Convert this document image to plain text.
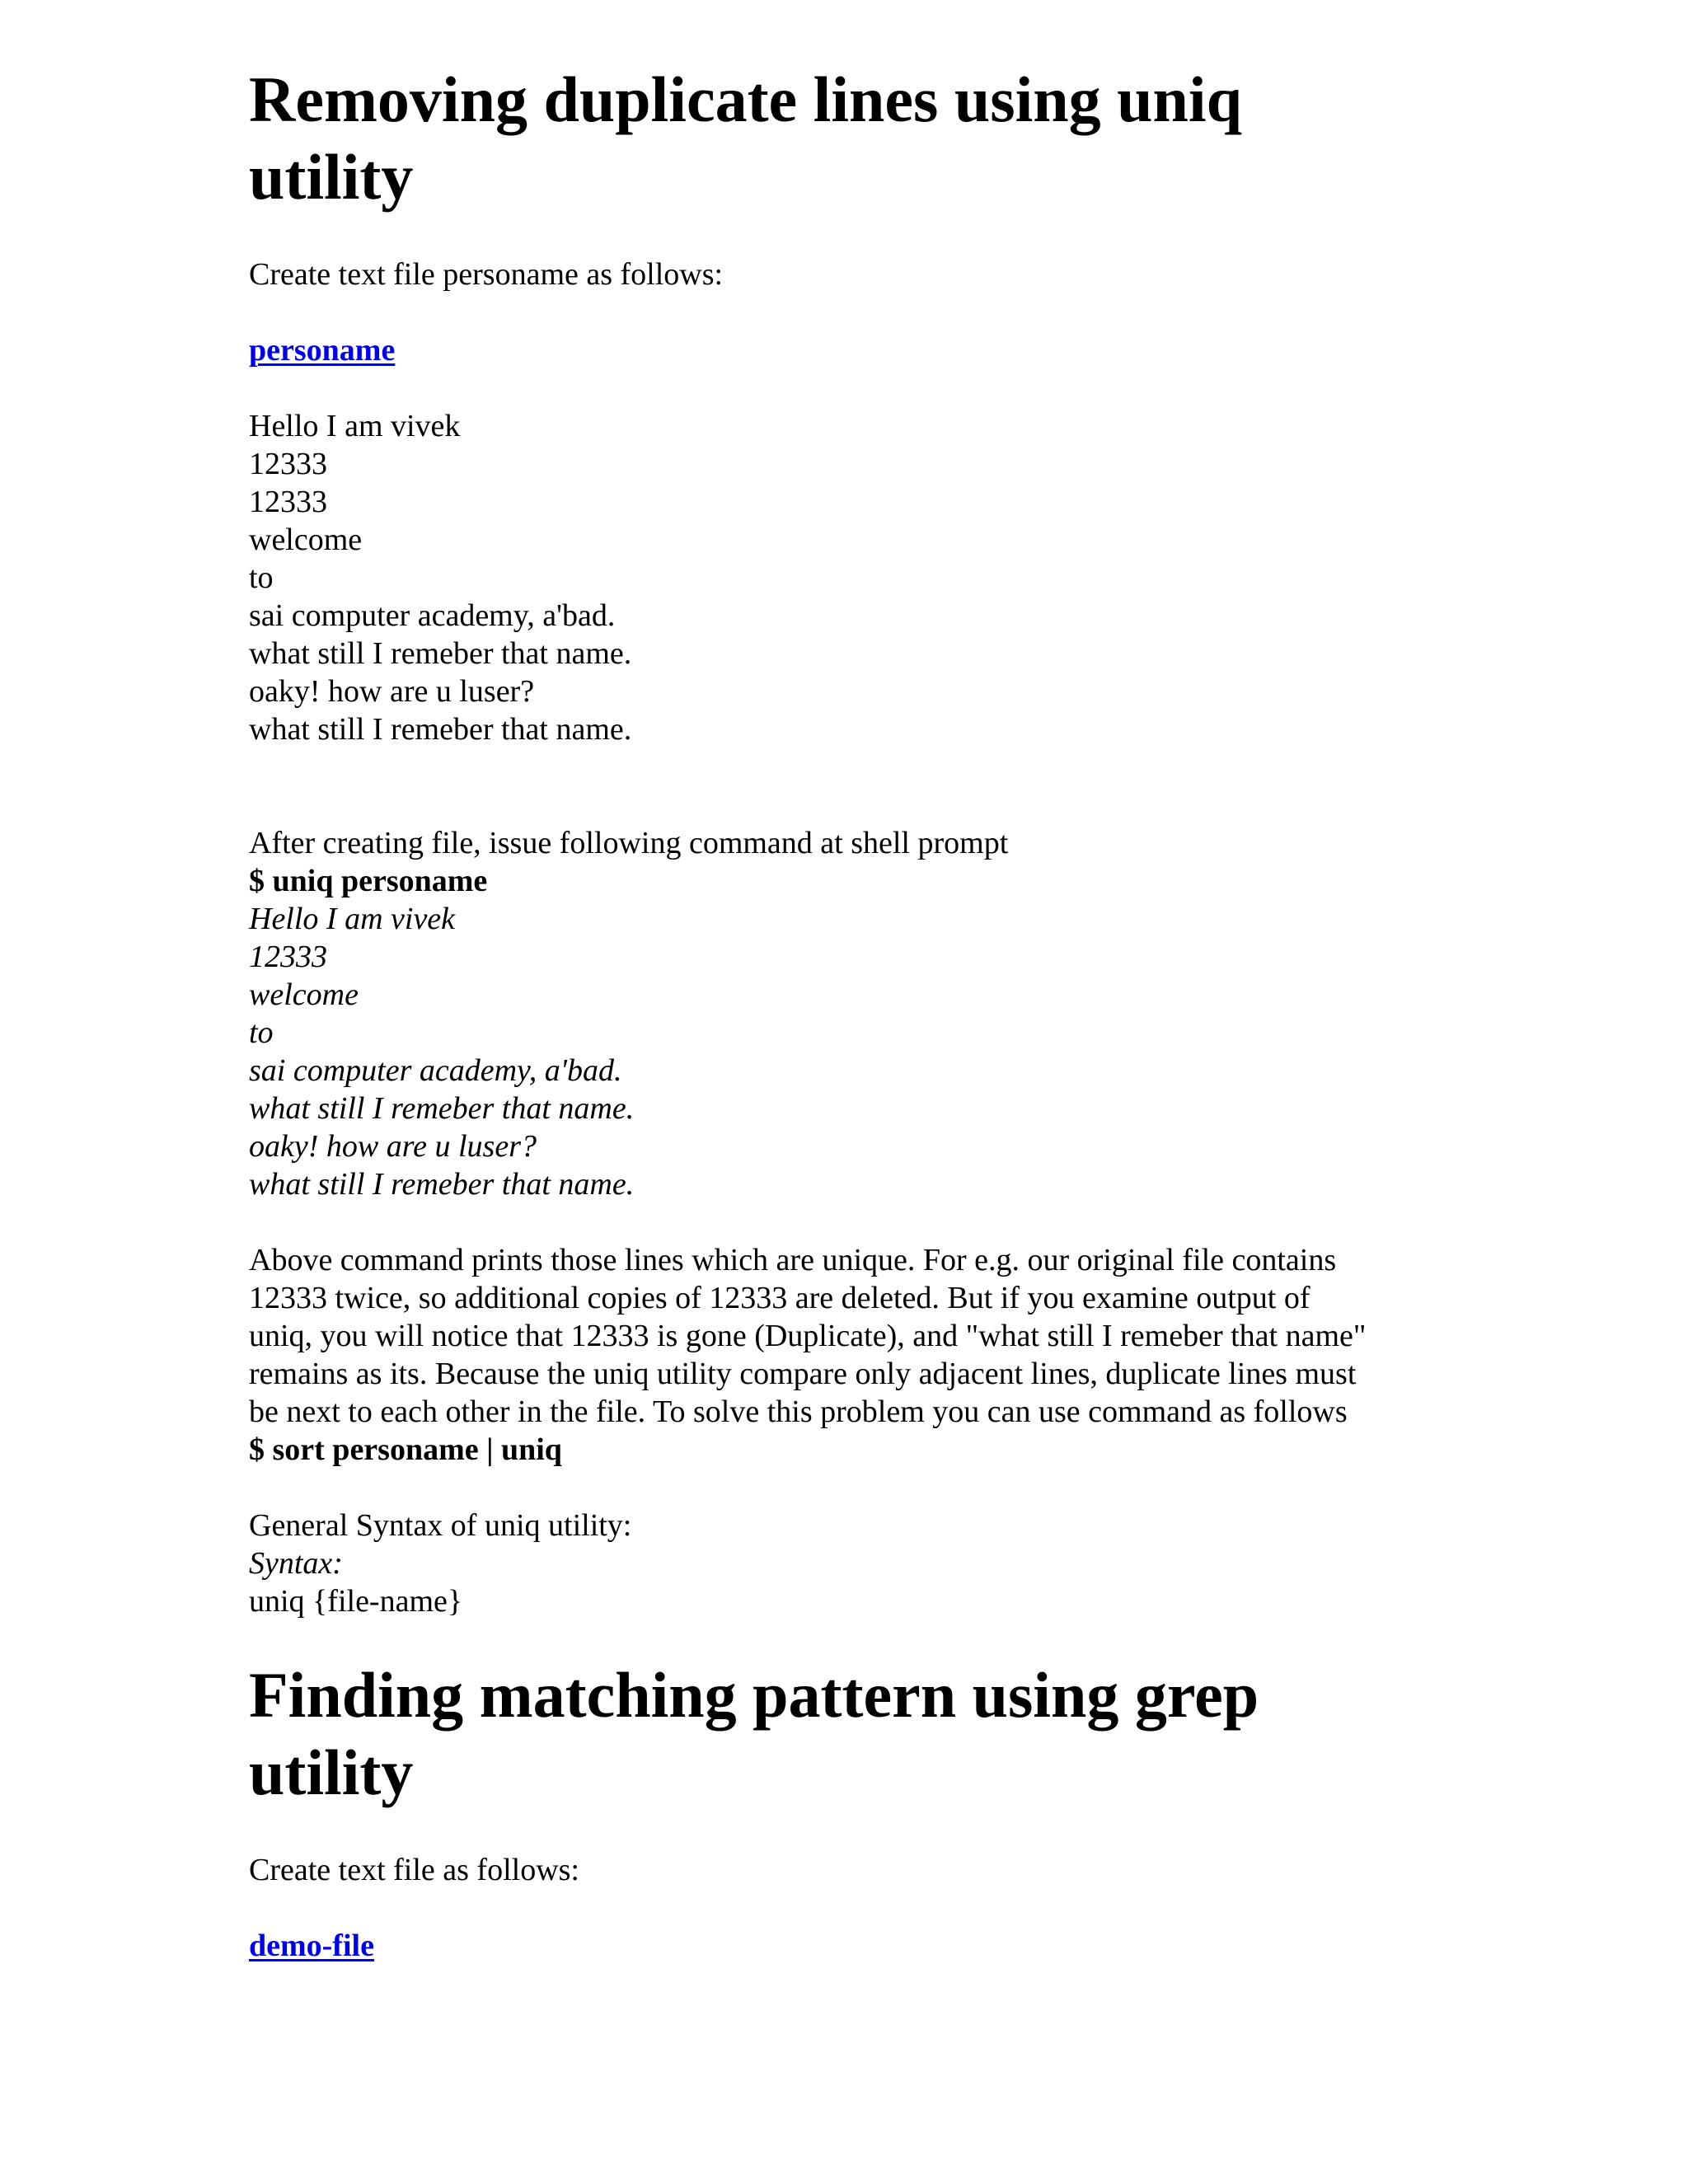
Removing duplicate lines using uniq
utility
Create text file personame as follows:
personame
Hello I am vivek
12333
12333
welcome
to
sai computer academy, a'bad.
what still I remeber that name.
oaky! how are u luser?
what still I remeber that name.
After creating file, issue following command at shell prompt
$ uniq personame
Hello I am vivek
12333
welcome
to
sai computer academy, a'bad.
what still I remeber that name.
oaky! how are u luser?
what still I remeber that name.
Above command prints those lines which are unique. For e.g. our original file contains
12333 twice, so additional copies of 12333 are deleted. But if you examine output of
uniq, you will notice that 12333 is gone (Duplicate), and "what still I remeber that name"
remains as its. Because the uniq utility compare only adjacent lines, duplicate lines must
be next to each other in the file. To solve this problem you can use command as follows
$ sort personame | uniq
General Syntax of uniq utility:
Syntax:
uniq {file-name}
Finding matching pattern using grep
utility
Create text file as follows:
demo-file
